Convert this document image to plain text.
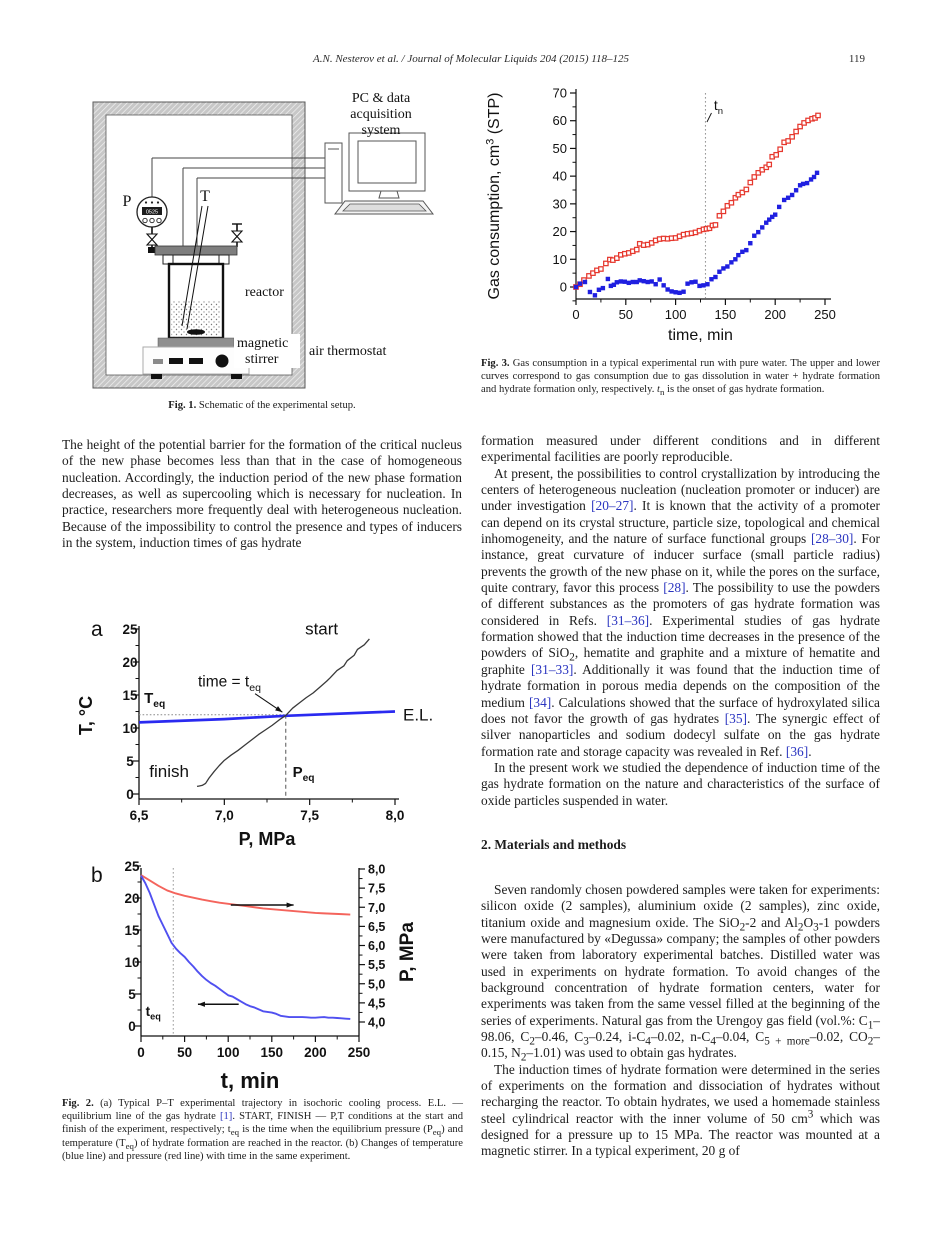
A.N. Nesterov et al. / Journal of Molecular Liquids 204 (2015) 118–125	119
0525
PC & data
acquisition
system
P	T
reactor
magnetic
stirrer
air thermostat
Fig. 1. Schematic of the experimental setup.

The height of the potential barrier for the formation of the critical nucleus of the new phase becomes less than that in the case of homogeneous nucleation. Accordingly, the induction period of the new phase formation decreases, as well as supercooling which is necessary for nucleation. In practice, researchers more frequently deal with heterogeneous nucleation. Because of the impossibility to control the presence and types of inducers in the system, induction times of gas hydrate

a
0
5
10
15
20
25
6,5	7,0	7,5	8,0
P, MPa
T, °C
start
finish
$T_{eq}$
$P_{eq}$
E.L.
time = $t_{eq}$
b
0
5
10
15
20
25
4,0
4,5
5,0
5,5
6,0
6,5
7,0
7,5
8,0
0 50 100 150 200 250
t, min
P, MPa
$t_{eq}$
Fig. 2. (a) Typical P–T experimental trajectory in isochoric cooling process. E.L. — equilibrium line of the gas hydrate [1]. START, FINISH — P,T conditions at the start and finish of the experiment, respectively; $t_{eq}$ is the time when the equilibrium pressure $(P_{eq})$ and temperature $(T_{eq})$ of hydrate formation are reached in the reactor. (b) Changes of temperature (blue line) and pressure (red line) with time in the same experiment.
0
10
20
30
40
50
60
70
0	50 100 150 200 250
time, min
Gas consumption, $cm^3$ (STP)	$t_n$
Fig. 3. Gas consumption in a typical experimental run with pure water. The upper and lower curves correspond to gas consumption due to gas dissolution in water + hydrate formation and hydrate formation only, respectively. $t_n$ is the onset of gas hydrate formation.

formation measured under different conditions and in different experimental facilities are poorly reproducible.

At present, the possibilities to control crystallization by introducing the centers of heterogeneous nucleation (nucleation promoter or inducer) are under investigation [20–27]. It is known that the activity of a promoter can depend on its crystal structure, particle size, topological and chemical inhomogeneity, and the nature of surface functional groups [28–30]. For instance, great curvature of inducer surface (small particle radius) prevents the growth of the new phase on it, while the pores on the surface, quite contrary, favor this process [28]. The possibility to use the powders of different substances as the promoters of gas hydrate formation was considered in Refs. [31–36]. Experimental studies of gas hydrate formation showed that the induction time decreases in the presence of the powders of SiO$_2$, hematite and graphite and a mixture of hematite and graphite [31–33]. Additionally it was found that the induction time of hydrate formation in porous media depends on the composition of the medium [34]. Calculations showed that the surface of hydroxylated silica does not favor the growth of gas hydrates [35]. The synergic effect of silver nanoparticles and sodium dodecyl sulfate on the gas hydrate formation rate and storage capacity was revealed in Ref. [36].

In the present work we studied the dependence of induction time of the gas hydrate formation on the nature and characteristics of the surface of oxide particles suspended in water.

2. Materials and methods

Seven randomly chosen powdered samples were taken for experiments: silicon oxide (2 samples), aluminium oxide (2 samples), zinc oxide, titanium oxide and magnesium oxide. The SiO$_2$-2 and $Al_2O_3-1$ powders were manufactured by «Degussa» company; the samples of other powders were taken from laboratory experimental batches. Distilled water was used in experiments on hydrate formation. To avoid changes of the background concentration of hydrate formation centers, water for experiments was taken from the same vessel filled at the beginning of the series of experiments. Natural gas from the Urengoy gas field (vol.%: $C_1-98.06$, $C_2-0.46$, $C_3-0.24$, $i-C_4-0.02$, $n-C_4-0.04$, $C_{5 + more}-0.02$, $CO_2-0.15$, $N_2-1.01$) was used to obtain gas hydrates.

The induction times of hydrate formation were determined in the series of experiments on the formation and dissociation of hydrates without recharging the reactor. To obtain hydrates, we used a homemade stainless steel cylindrical reactor with the inner volume of 50 $cm^3$ which was designed for a pressure up to 15 MPa. The reactor was mounted at a magnetic stirrer. In a typical experiment, 20 g of
